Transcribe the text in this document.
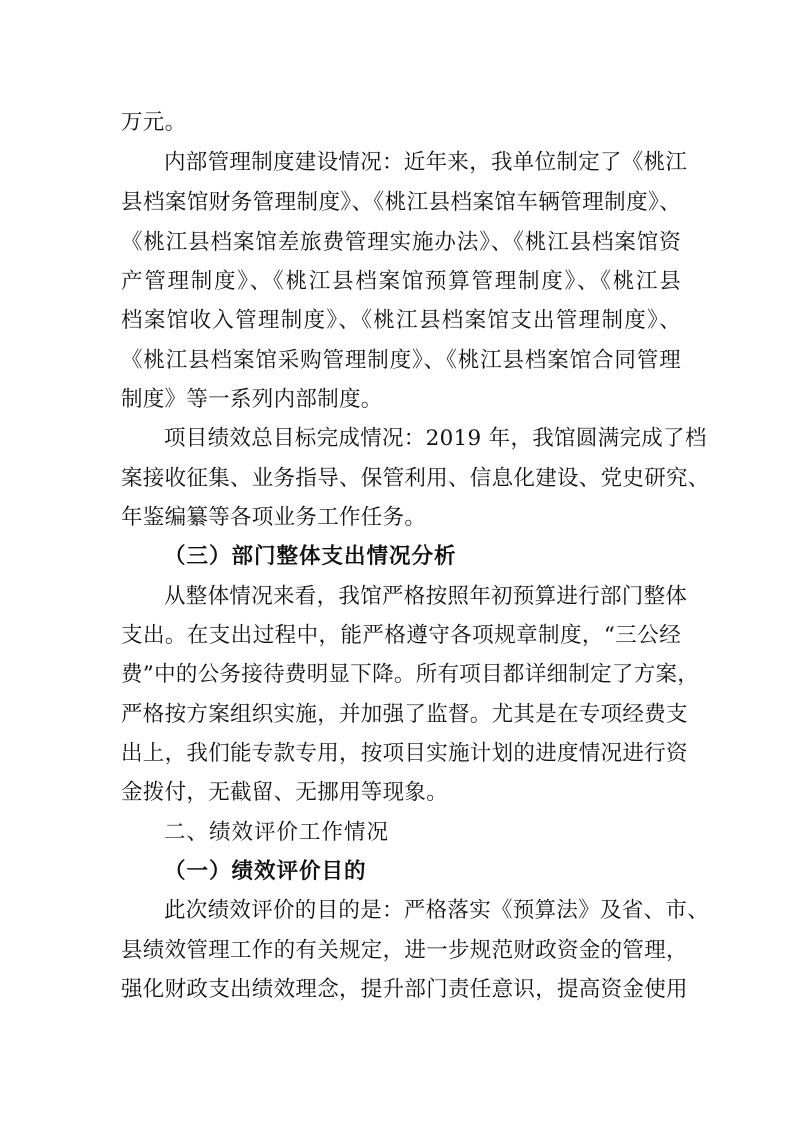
万元。
内部管理制度建设情况：近年来，我单位制定了《桃江
县档案馆财务管理制度》、《桃江县档案馆车辆管理制度》、
《桃江县档案馆差旅费管理实施办法》、《桃江县档案馆资
产管理制度》、《桃江县档案馆预算管理制度》、《桃江县
档案馆收入管理制度》、《桃江县档案馆支出管理制度》、
《桃江县档案馆采购管理制度》、《桃江县档案馆合同管理
制度》等一系列内部制度。
项目绩效总目标完成情况：2019 年，我馆圆满完成了档
案接收征集、业务指导、保管利用、信息化建设、党史研究、
年鉴编纂等各项业务工作任务。
（三）部门整体支出情况分析
从整体情况来看，我馆严格按照年初预算进行部门整体
支出。在支出过程中，能严格遵守各项规章制度，“三公经
费”中的公务接待费明显下降。所有项目都详细制定了方案，
严格按方案组织实施，并加强了监督。尤其是在专项经费支
出上，我们能专款专用，按项目实施计划的进度情况进行资
金拨付，无截留、无挪用等现象。
二、绩效评价工作情况
（一）绩效评价目的
此次绩效评价的目的是：严格落实《预算法》及省、市、
县绩效管理工作的有关规定，进一步规范财政资金的管理，
强化财政支出绩效理念，提升部门责任意识，提高资金使用
